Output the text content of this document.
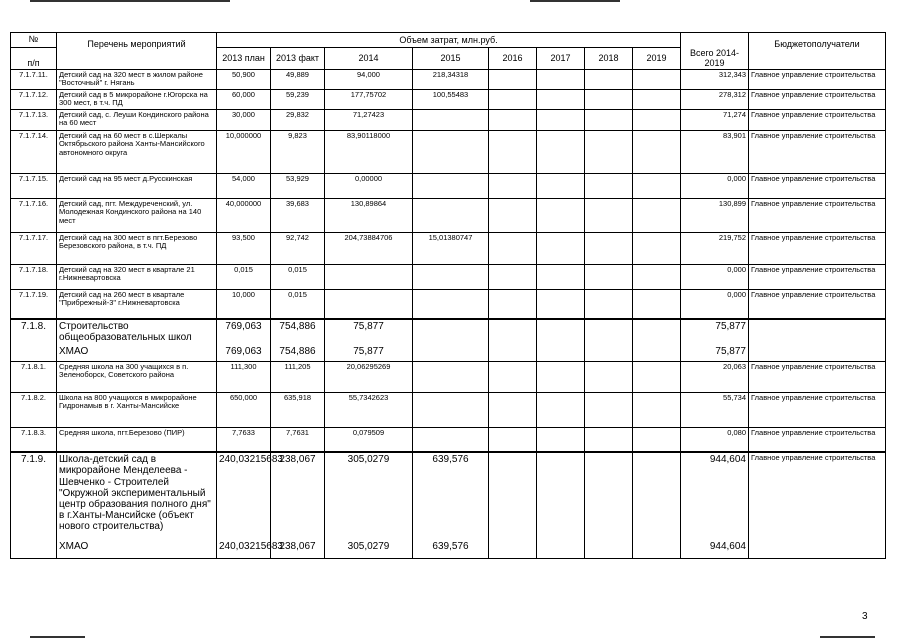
№	Перечень мероприятий	Объем затрат, млн.руб.								Всего 2014-2019	Бюджетополучатели
п/п		2013 план	2013 факт	2014	2015	2016	2017	2018	2019		
7.1.7.11.	Детский сад на 320 мест в жилом районе "Восточный" г. Нягань	50,900	49,889	94,000	218,34318					312,343	Главное управление строительства
7.1.7.12.	Детский сад в 5 микрорайоне г.Югорска на 300 мест, в т.ч. ПД	60,000	59,239	177,75702	100,55483					278,312	Главное управление строительства
7.1.7.13.	Детский сад, с. Леуши Кондинского района на 60 мест	30,000	29,832	71,27423						71,274	Главное управление строительства
7.1.7.14.	Детский сад на 60 мест в с.Шеркалы Октябрьского района Ханты-Мансийского автономного округа	10,000000	9,823	83,90118000						83,901	Главное управление строительства
7.1.7.15.	Детский сад на 95 мест д.Русскинская	54,000	53,929	0,00000						0,000	Главное управление строительства
7.1.7.16.	Детский сад, пгт. Междуреченский, ул. Молодежная Кондинского района на 140 мест	40,000000	39,683	130,89864						130,899	Главное управление строительства
7.1.7.17.	Детский сад на 300 мест в пгт.Березово Березовского района, в т.ч. ПД	93,500	92,742	204,73884706	15,01380747					219,752	Главное управление строительства
7.1.7.18.	Детский сад на 320 мест в квартале 21 г.Нижневартовска	0,015	0,015							0,000	Главное управление строительства
7.1.7.19.	Детский сад на 260 мест в квартале "Прибрежный-3" г.Нижневартовска	10,000	0,015							0,000	Главное управление строительства
7.1.8.	Строительство общеобразовательных школ	769,063	754,886	75,877						75,877	
	ХМАО	769,063	754,886	75,877						75,877	
7.1.8.1.	Средняя школа на 300 учащихся в п. Зеленоборск, Советского района	111,300	111,205	20,06295269						20,063	Главное управление строительства
7.1.8.2.	Школа на 800 учащихся в микрорайоне Гидронамыв в г. Ханты-Мансийске	650,000	635,918	55,7342623						55,734	Главное управление строительства
7.1.8.3.	Средняя школа, пгт.Березово (ПИР)	7,7633	7,7631	0,079509						0,080	Главное управление строительства
7.1.9.	Школа-детский сад в микрорайоне Менделеева - Шевченко - Строителей "Окружной экспериментальный центр образования полного дня" в г.Ханты-Мансийске (объект нового строительства)	240,03215683	238,067	305,0279	639,576					944,604	Главное управление строительства
	ХМАО	240,03215683	238,067	305,0279	639,576					944,604	
3
